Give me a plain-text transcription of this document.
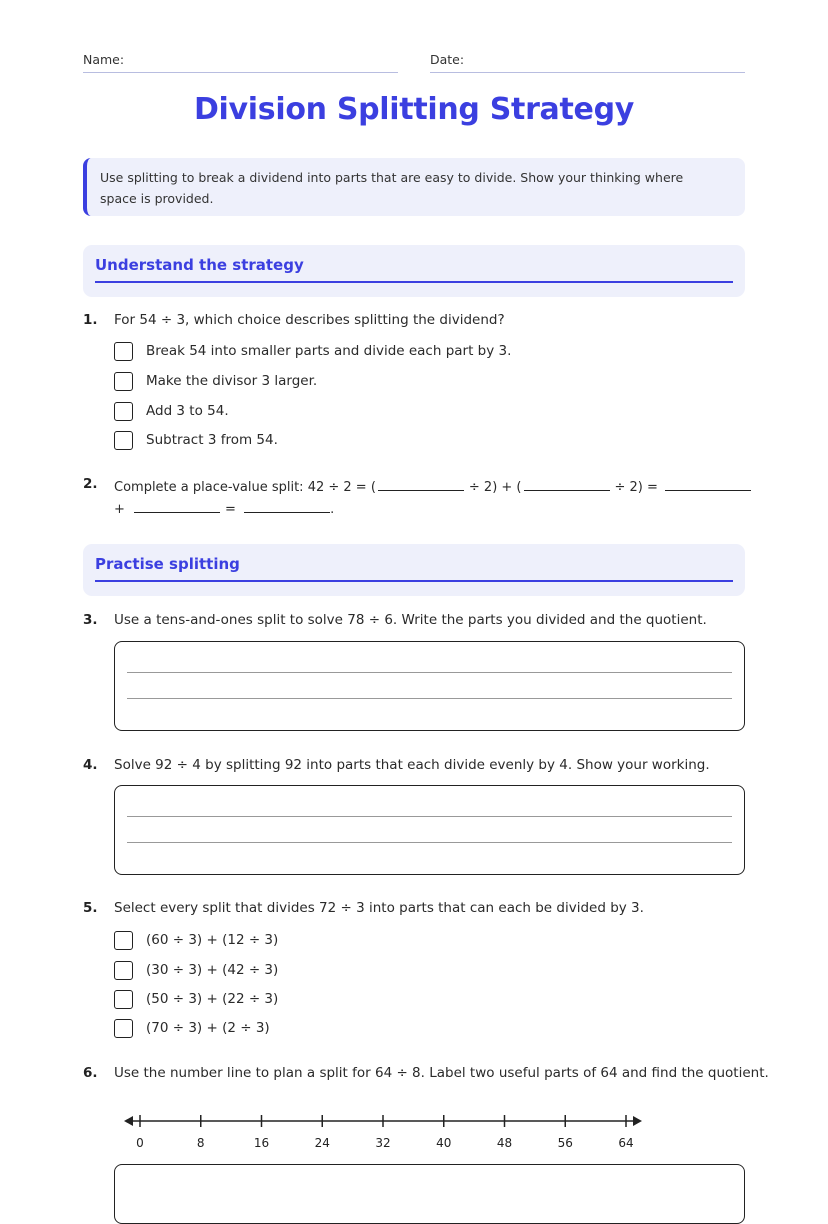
Name:	Date:
Division Splitting Strategy
Use splitting to break a dividend into parts that are easy to divide. Show your thinking where space is provided.
Understand the strategy
1. For 54 ÷ 3, which choice describes splitting the dividend?
Break 54 into smaller parts and divide each part by 3.
Make the divisor 3 larger.
Add 3 to 54.
Subtract 3 from 54.
2. Complete a place-value split: 42 ÷ 2 = (	÷ 2) + (	÷ 2) =
+	=	.
Practise splitting
3. Use a tens-and-ones split to solve 78 ÷ 6. Write the parts you divided and the quotient.
4. Solve 92 ÷ 4 by splitting 92 into parts that each divide evenly by 4. Show your working.
5. Select every split that divides 72 ÷ 3 into parts that can each be divided by 3.
(60 ÷ 3) + (12 ÷ 3)
(30 ÷ 3) + (42 ÷ 3)
(50 ÷ 3) + (22 ÷ 3)
(70 ÷ 3) + (2 ÷ 3)
6. Use the number line to plan a split for 64 ÷ 8. Label two useful parts of 64 and find the quotient.
0	8	16	24	32	40	48	56	64
